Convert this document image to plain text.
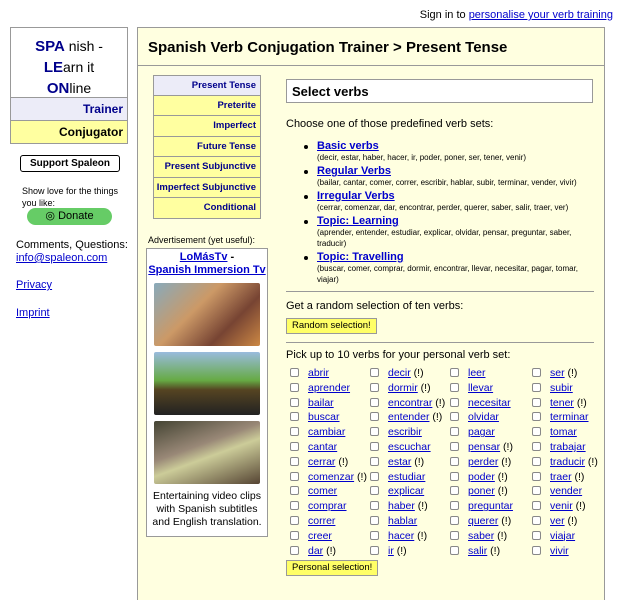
Sign in to personalise your verb training
SPA nish -
LEarn it
ONline
Trainer
Conjugator
Support Spaleon
Show love for the things you like:
◎ Donate
Comments, Questions:
info@spaleon.com
Privacy
Imprint
Spanish Verb Conjugation Trainer > Present Tense
Present Tense
Preterite
Imperfect
Future Tense
Present Subjunctive
Imperfect Subjunctive
Conditional
Advertisement (yet useful):
LoMásTv -
Spanish Immersion Tv
Entertaining video clips with Spanish subtitles and English translation.
Select verbs
Choose one of those predefined verb sets:
Basic verbs
(decir, estar, haber, hacer, ir, poder, poner, ser, tener, venir)
Regular Verbs
(bailar, cantar, comer, correr, escribir, hablar, subir, terminar, vender, vivir)
Irregular Verbs
(cerrar, comenzar, dar, encontrar, perder, querer, saber, salir, traer, ver)
Topic: Learning
(aprender, entender, estudiar, explicar, olvidar, pensar, preguntar, saber, traducir)
Topic: Travelling
(buscar, comer, comprar, dormir, encontrar, llevar, necesitar, pagar, tomar, viajar)
Get a random selection of ten verbs:
Random selection!
Pick up to 10 verbs for your personal verb set:
abrir	decir (!)	leer	ser (!)
aprender	dormir (!)	llevar	subir
bailar	encontrar (!)	necesitar	tener (!)
buscar	entender (!)	olvidar	terminar
cambiar	escribir	pagar	tomar
cantar	escuchar	pensar (!)	trabajar
cerrar (!)	estar (!)	perder (!)	traducir (!)
comenzar (!)	estudiar	poder (!)	traer (!)
comer	explicar	poner (!)	vender
comprar	haber (!)	preguntar	venir (!)
correr	hablar	querer (!)	ver (!)
creer	hacer (!)	saber (!)	viajar
dar (!)	ir (!)	salir (!)	vivir
Personal selection!
